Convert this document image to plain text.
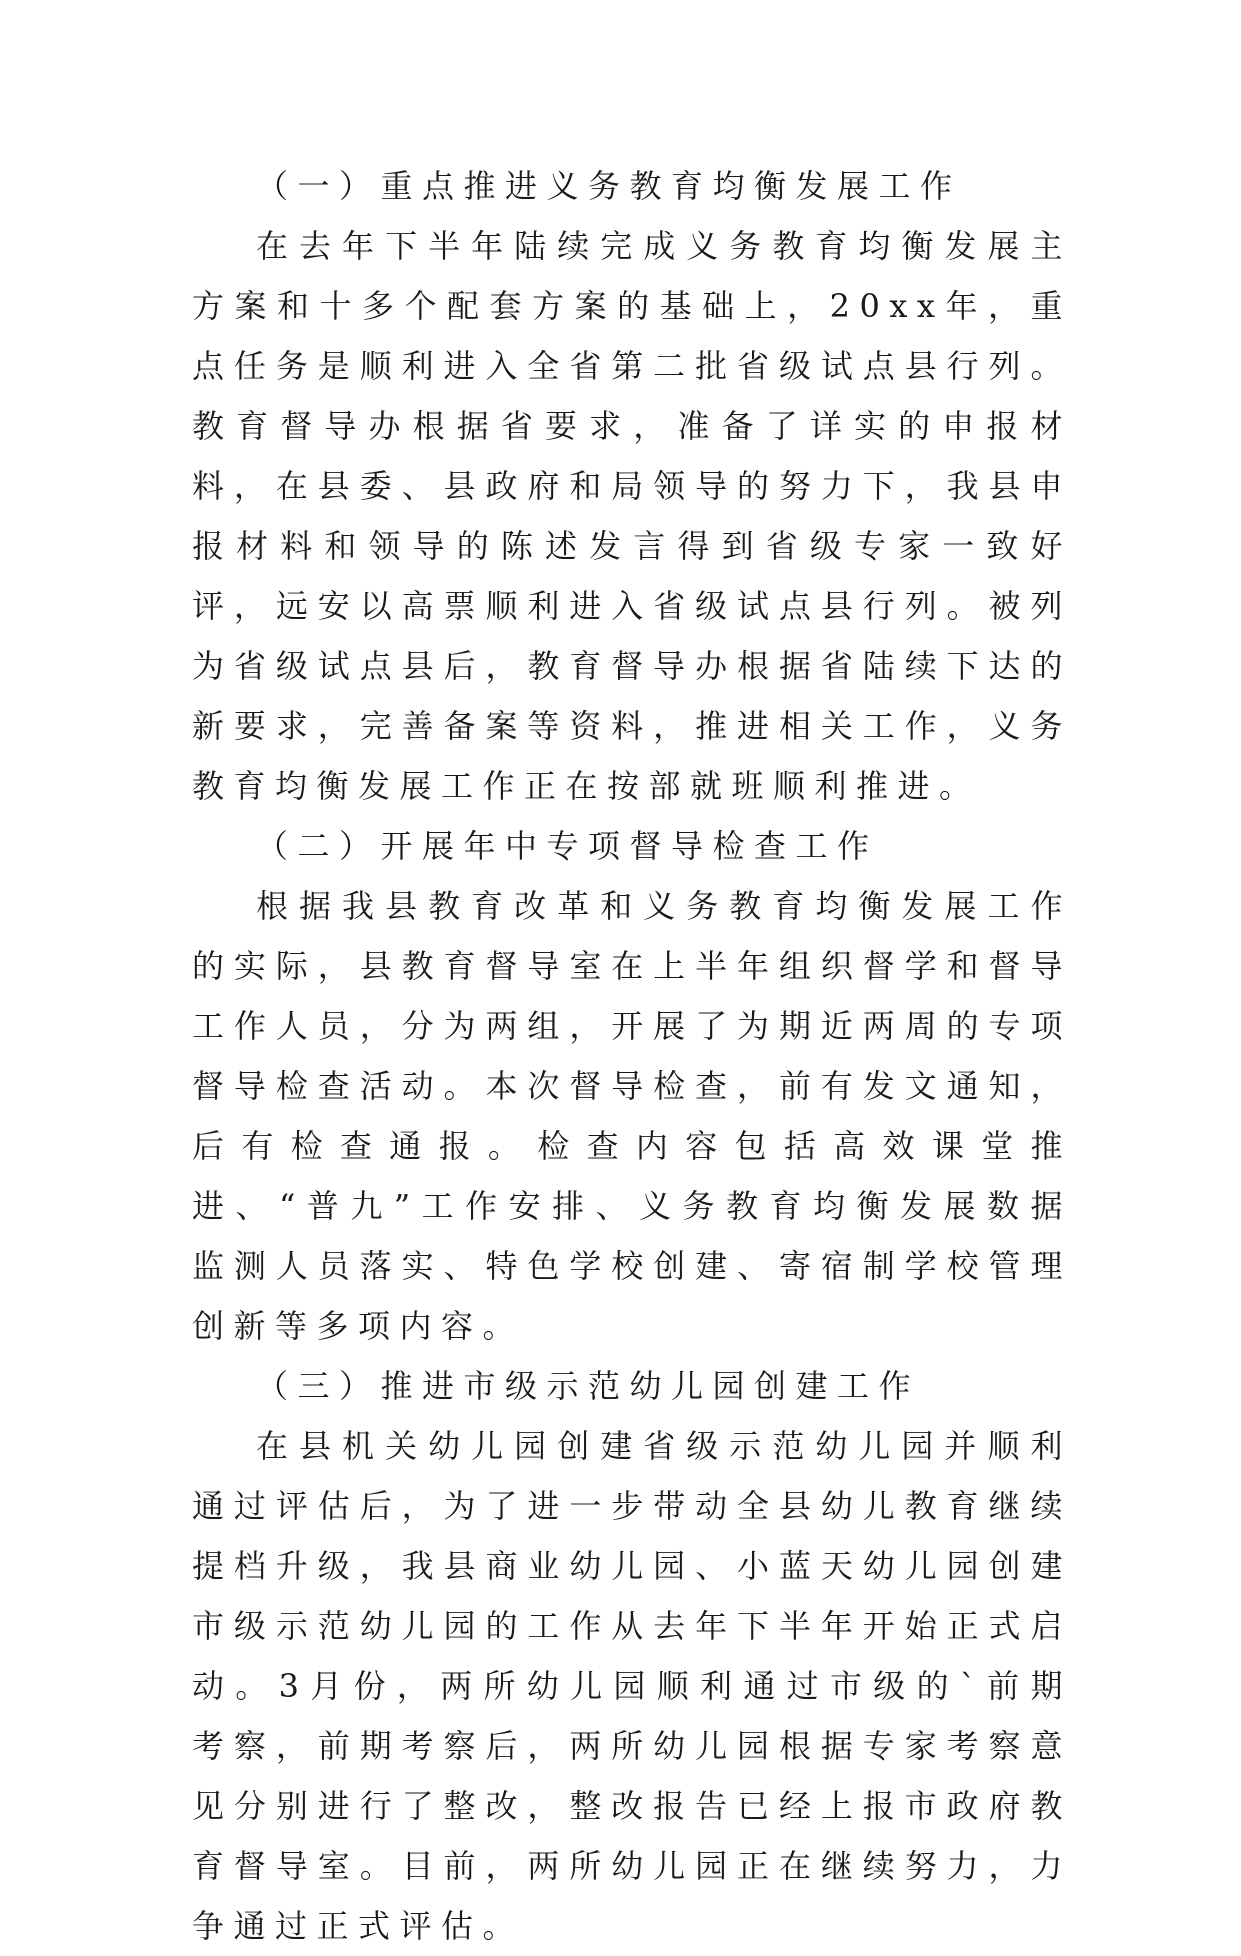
（一）重点推进义务教育均衡发展工作

在去年下半年陆续完成义务教育均衡发展主方案和十多个配套方案的基础上，20xx年，重点任务是顺利进入全省第二批省级试点县行列。教育督导办根据省要求，准备了详实的申报材料，在县委、县政府和局领导的努力下，我县申报材料和领导的陈述发言得到省级专家一致好评，远安以高票顺利进入省级试点县行列。被列为省级试点县后，教育督导办根据省陆续下达的新要求，完善备案等资料，推进相关工作，义务教育均衡发展工作正在按部就班顺利推进。

（二）开展年中专项督导检查工作

根据我县教育改革和义务教育均衡发展工作的实际，县教育督导室在上半年组织督学和督导工作人员，分为两组，开展了为期近两周的专项督导检查活动。本次督导检查，前有发文通知，后有检查通报。检查内容包括高效课堂推进、“普九”工作安排、义务教育均衡发展数据监测人员落实、特色学校创建、寄宿制学校管理创新等多项内容。

（三）推进市级示范幼儿园创建工作

在县机关幼儿园创建省级示范幼儿园并顺利通过评估后，为了进一步带动全县幼儿教育继续提档升级，我县商业幼儿园、小蓝天幼儿园创建市级示范幼儿园的工作从去年下半年开始正式启动。3月份，两所幼儿园顺利通过市级的`前期考察，前期考察后，两所幼儿园根据专家考察意见分别进行了整改，整改报告已经上报市政府教育督导室。目前，两所幼儿园正在继续努力，力争通过正式评估。
